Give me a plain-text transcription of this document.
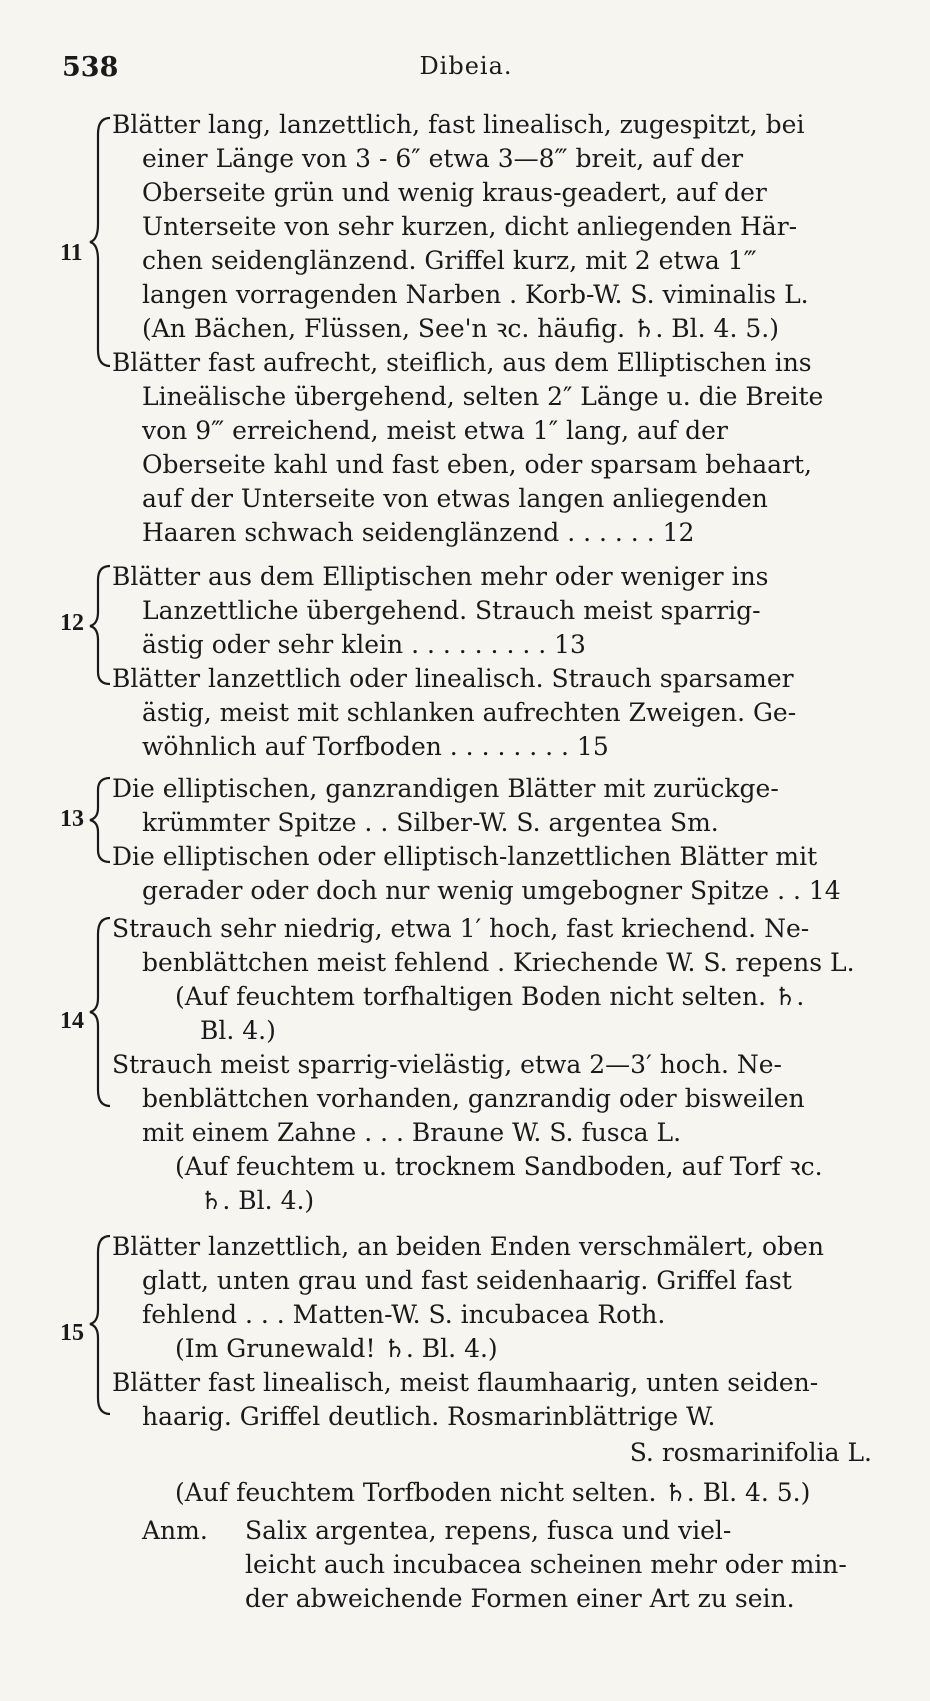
538	Dibeia.
11
Blätter lang, lanzettlich, fast linealisch, zugespitzt, bei
einer Länge von 3 - 6″ etwa 3—8‴ breit, auf der
Oberseite grün und wenig kraus-geadert, auf der
Unterseite von sehr kurzen, dicht anliegenden Här-
chen seidenglänzend. Griffel kurz, mit 2 etwa 1‴
langen vorragenden Narben . Korb-W. S. viminalis L.
(An Bächen, Flüssen, See'n ꝛc. häufig. ♄. Bl. 4. 5.)
Blätter fast aufrecht, steiflich, aus dem Elliptischen ins
Lineälische übergehend, selten 2″ Länge u. die Breite
von 9‴ erreichend, meist etwa 1″ lang, auf der
Oberseite kahl und fast eben, oder sparsam behaart,
auf der Unterseite von etwas langen anliegenden
Haaren schwach seidenglänzend . . . . . . 12
12
Blätter aus dem Elliptischen mehr oder weniger ins
Lanzettliche übergehend. Strauch meist sparrig-
ästig oder sehr klein . . . . . . . . . 13
Blätter lanzettlich oder linealisch. Strauch sparsamer
ästig, meist mit schlanken aufrechten Zweigen. Ge-
wöhnlich auf Torfboden . . . . . . . . 15
13
Die elliptischen, ganzrandigen Blätter mit zurückge-
krümmter Spitze . . Silber-W. S. argentea Sm.
Die elliptischen oder elliptisch-lanzettlichen Blätter mit
gerader oder doch nur wenig umgebogner Spitze . . 14
14
Strauch sehr niedrig, etwa 1′ hoch, fast kriechend. Ne-
benblättchen meist fehlend . Kriechende W. S. repens L.
(Auf feuchtem torfhaltigen Boden nicht selten. ♄.
Bl. 4.)
Strauch meist sparrig-vielästig, etwa 2—3′ hoch. Ne-
benblättchen vorhanden, ganzrandig oder bisweilen
mit einem Zahne . . . Braune W. S. fusca L.
(Auf feuchtem u. trocknem Sandboden, auf Torf ꝛc.
♄. Bl. 4.)
15
Blätter lanzettlich, an beiden Enden verschmälert, oben
glatt, unten grau und fast seidenhaarig. Griffel fast
fehlend . . . Matten-W. S. incubacea Roth.
(Im Grunewald! ♄. Bl. 4.)
Blätter fast linealisch, meist flaumhaarig, unten seiden-
haarig. Griffel deutlich. Rosmarinblättrige W.
S. rosmarinifolia L.
(Auf feuchtem Torfboden nicht selten. ♄. Bl. 4. 5.)
Anm.	Salix argentea, repens, fusca und viel-
leicht auch incubacea scheinen mehr oder min-
der abweichende Formen einer Art zu sein.
